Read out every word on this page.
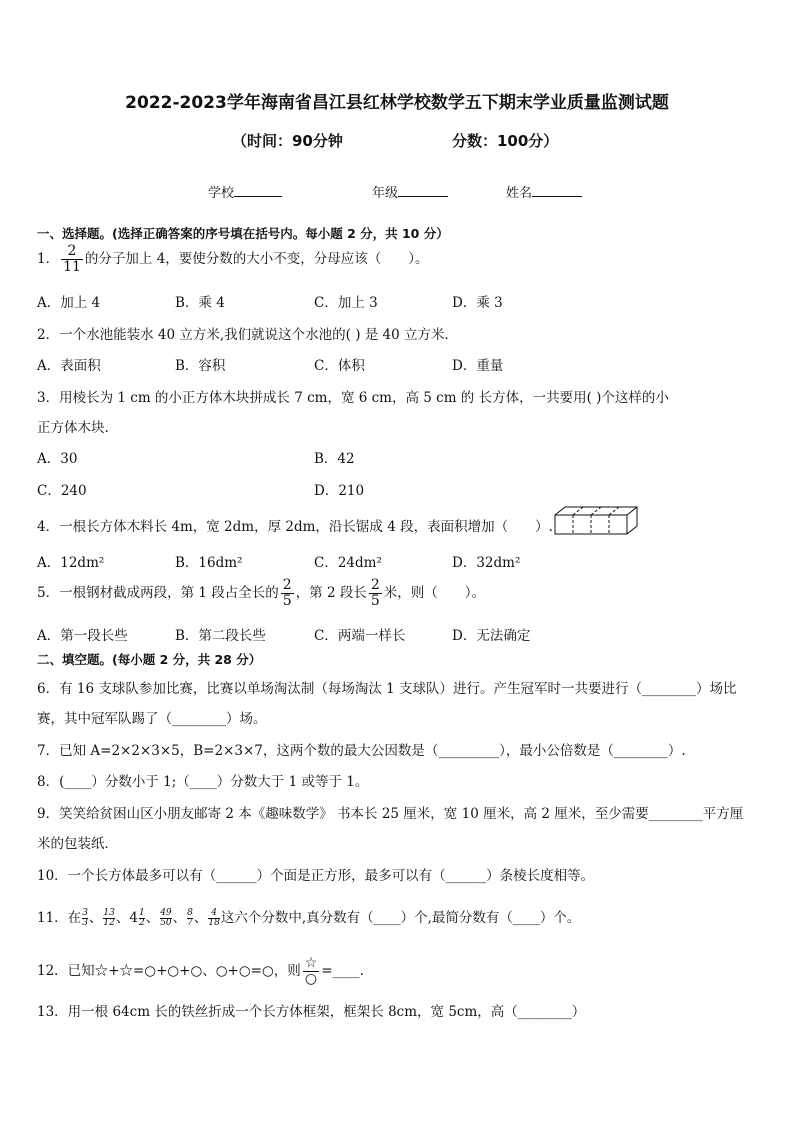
2022-2023学年海南省昌江县红林学校数学五下期末学业质量监测试题
（时间：90分钟	分数：100分）
学校	年级	姓名
一、选择题。(选择正确答案的序号填在括号内。每小题 2 分，共 10 分）
1． $\frac{2}{11}$ 的分子加上 4，要使分数的大小不变，分母应该（　　）。
A．加上 4	B．乘 4	C．加上 3	D．乘 3
2．一个水池能装水 40 立方米,我们就说这个水池的( ) 是 40 立方米．
A．表面积	B．容积	C．体积	D．重量
3．用棱长为 1 cm 的小正方体木块拼成长 7 cm，宽 6 cm，高 5 cm 的 长方体，一共要用( )个这样的小
正方体木块.
A．30	B．42
C．240	D．210
4．一根长方体木料长 4m，宽 2dm，厚 2dm，沿长锯成 4 段，表面积增加（　　）.
A．12dm²	B．16dm²	C．24dm²	D．32dm²
5．一根钢材截成两段，第 1 段占全长的 $\frac{2}{5}$ ，第 2 段长 $\frac{2}{5}$ 米，则（　　）。
A．第一段长些	B．第二段长些	C．两端一样长	D．无法确定
二、填空题。(每小题 2 分，共 28 分）
6．有 16 支球队参加比赛，比赛以单场淘汰制（每场淘汰 1 支球队）进行。产生冠军时一共要进行（________）场比
赛，其中冠军队踢了（________）场。
7．已知 A=2×2×3×5，B=2×3×7，这两个数的最大公因数是（_________），最小公倍数是（________）.
8．(____）分数小于 1;（____）分数大于 1 或等于 1。
9．笑笑给贫困山区小朋友邮寄 2 本《趣味数学》 书本长 25 厘米，宽 10 厘米，高 2 厘米，至少需要________平方厘
米的包装纸．
10．一个长方体最多可以有（______）个面是正方形，最多可以有（______）条棱长度相等。
11．在 $\frac{3}{3}$、 $\frac{13}{12}$、$4 \frac{1}{2}$、 $\frac{49}{50}$、 $\frac{8}{7}$、 $\frac{4}{18}$这六个分数中,真分数有（____）个,最简分数有（____）个。
12．已知☆+☆=○+○+○、○+○=○，则 $\frac{☆}{○}$ =____.
13．用一根 64cm 长的铁丝折成一个长方体框架，框架长 8cm，宽 5cm，高（________）
